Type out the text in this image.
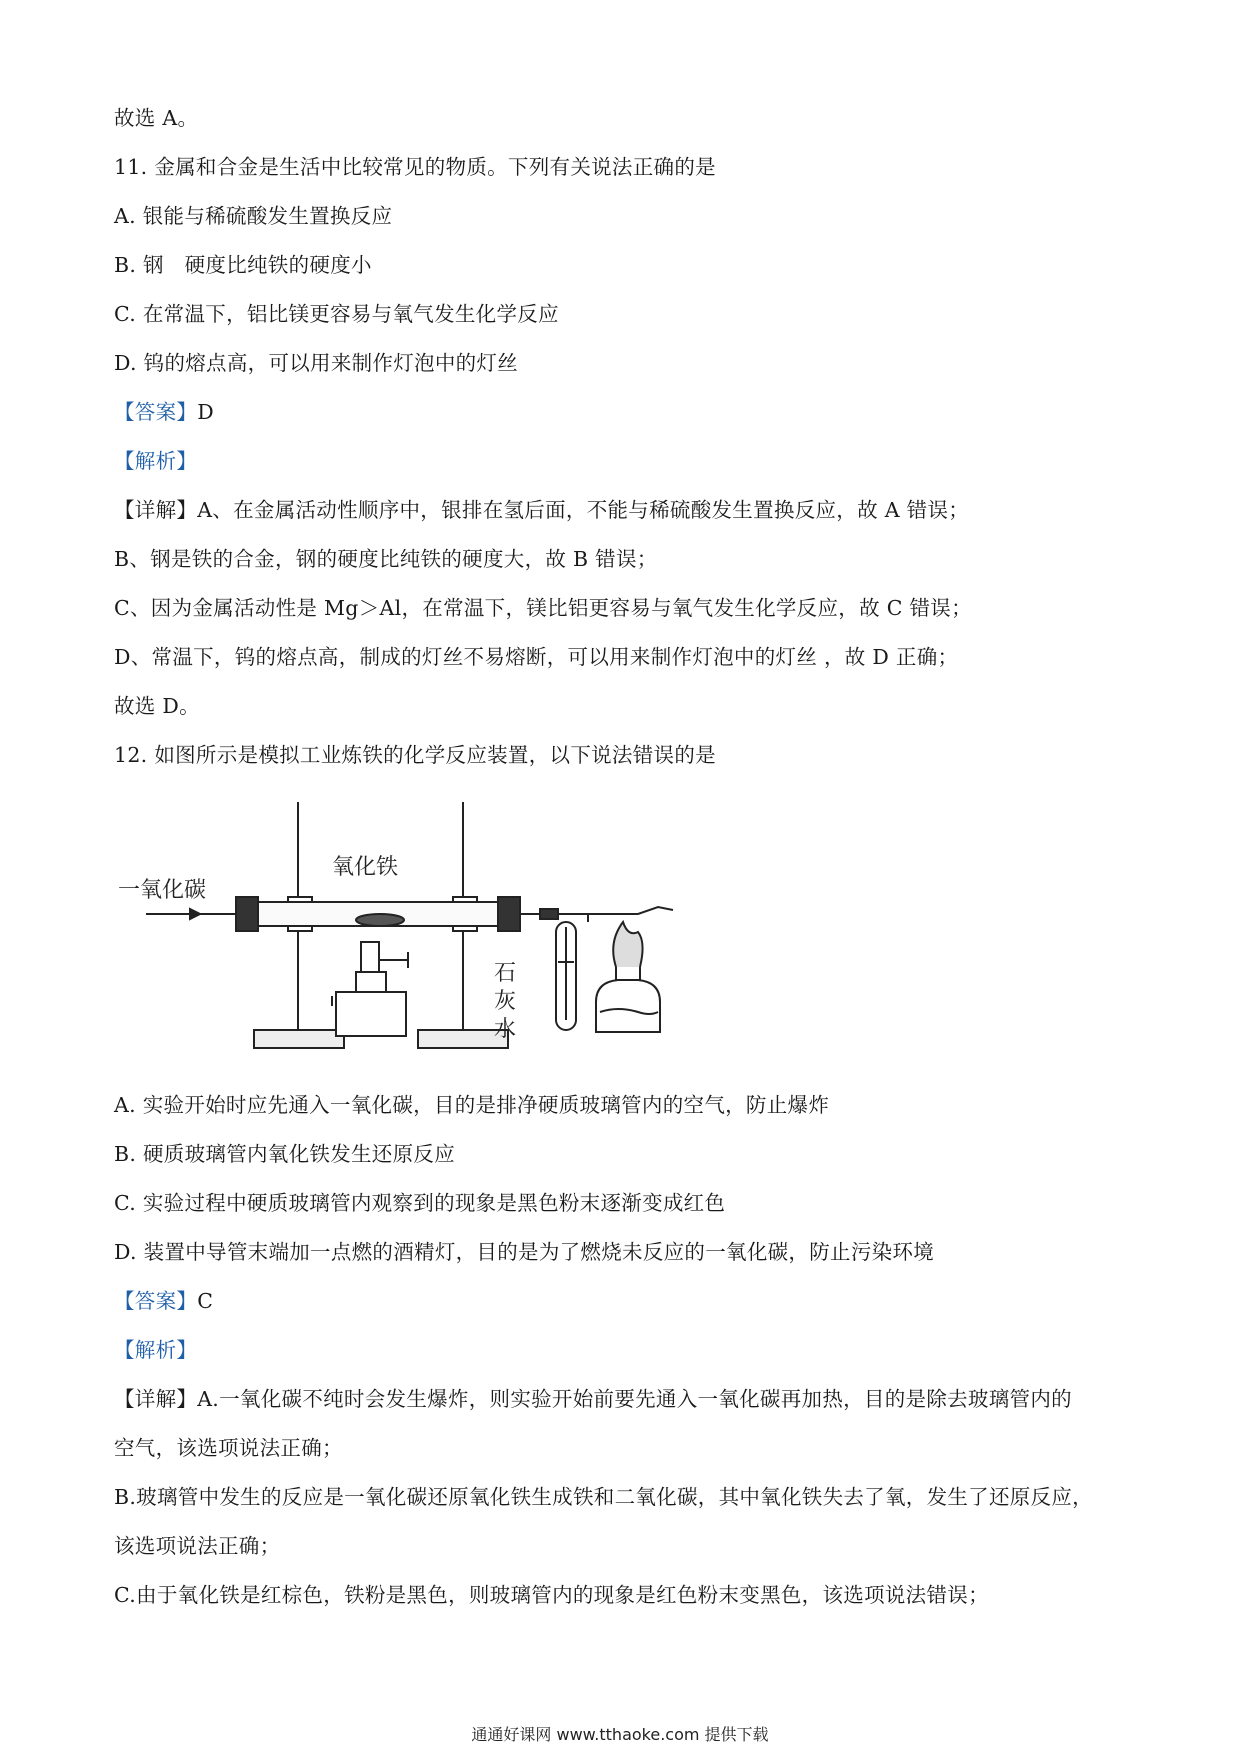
故选 A。
11. 金属和合金是生活中比较常见的物质。下列有关说法正确的是
A. 银能与稀硫酸发生置换反应
B. 钢　硬度比纯铁的硬度小
C. 在常温下，铝比镁更容易与氧气发生化学反应
D. 钨的熔点高，可以用来制作灯泡中的灯丝
【答案】D
【解析】
【详解】A、在金属活动性顺序中，银排在氢后面，不能与稀硫酸发生置换反应，故 A 错误；
B、钢是铁的合金，钢的硬度比纯铁的硬度大，故 B 错误；
C、因为金属活动性是 Mg＞Al，在常温下，镁比铝更容易与氧气发生化学反应，故 C 错误；
D、常温下，钨的熔点高，制成的灯丝不易熔断，可以用来制作灯泡中的灯丝 ，故 D 正确；
故选 D。
12. 如图所示是模拟工业炼铁的化学反应装置，以下说法错误的是
一氧化碳
氧化铁
石
灰
水
A. 实验开始时应先通入一氧化碳，目的是排净硬质玻璃管内的空气，防止爆炸
B. 硬质玻璃管内氧化铁发生还原反应
C. 实验过程中硬质玻璃管内观察到的现象是黑色粉末逐渐变成红色
D. 装置中导管末端加一点燃的酒精灯，目的是为了燃烧未反应的一氧化碳，防止污染环境
【答案】C
【解析】
【详解】A.一氧化碳不纯时会发生爆炸，则实验开始前要先通入一氧化碳再加热，目的是除去玻璃管内的
空气，该选项说法正确；
B.玻璃管中发生的反应是一氧化碳还原氧化铁生成铁和二氧化碳，其中氧化铁失去了氧，发生了还原反应，
该选项说法正确；
C.由于氧化铁是红棕色，铁粉是黑色，则玻璃管内的现象是红色粉末变黑色，该选项说法错误；
通通好课网 www.tthaoke.com 提供下载
